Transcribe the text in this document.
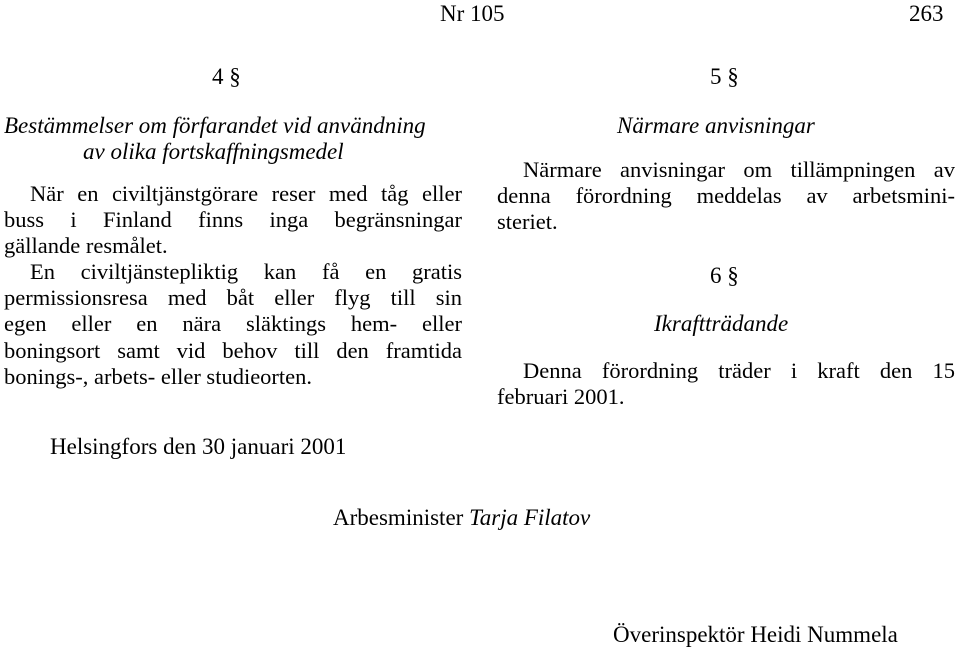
Nr 105	263
4 §
Bestämmelser om förfarandet vid användning
av olika fortskaffningsmedel
När en civiltjänstgörare reser med tåg eller
buss i Finland finns inga begränsningar
gällande resmålet.
En civiltjänstepliktig kan få en gratis
permissionsresa med båt eller flyg till sin
egen eller en nära släktings hem- eller
boningsort samt vid behov till den framtida
bonings-, arbets- eller studieorten.
5 §
Närmare anvisningar
Närmare anvisningar om tillämpningen av
denna förordning meddelas av arbetsmini-
steriet.
6 §
Ikraftträdande
Denna förordning träder i kraft den 15
februari 2001.
Helsingfors den 30 januari 2001
Arbesminister Tarja Filatov
Överinspektör Heidi Nummela
